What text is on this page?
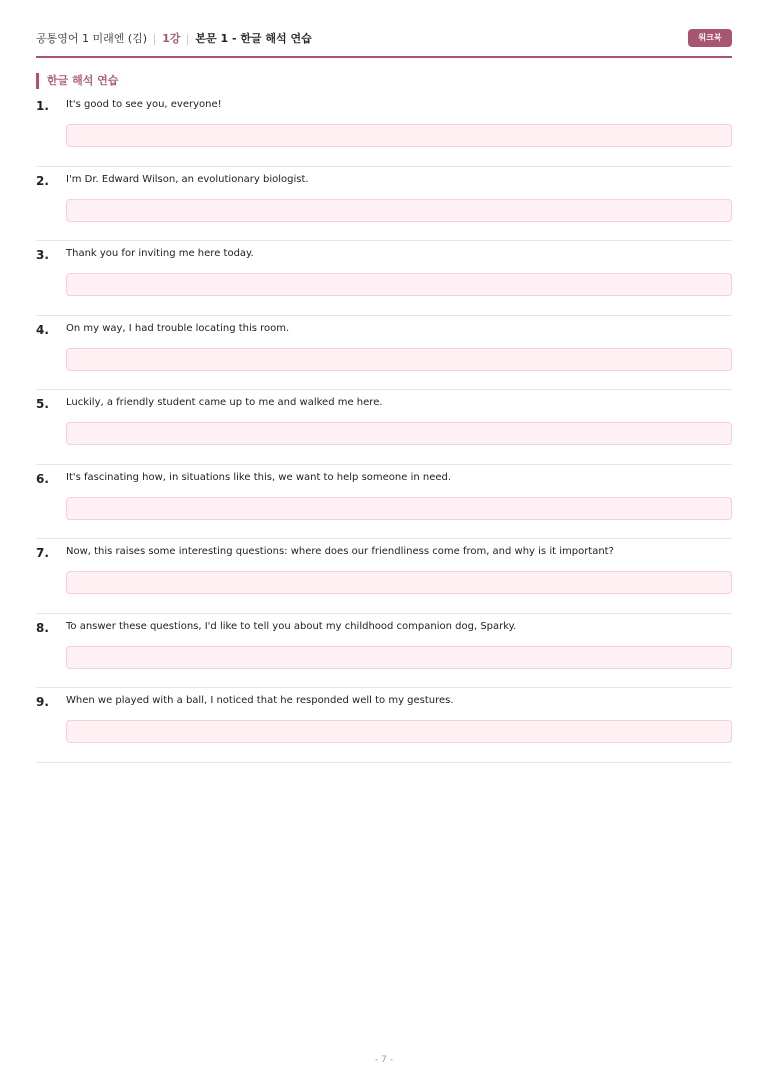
공통영어 1 미래엔 (김) 1강 본문 1 - 한글 해석 연습	워크북
한글 해석 연습
1. It's good to see you, everyone!
2. I'm Dr. Edward Wilson, an evolutionary biologist.
3. Thank you for inviting me here today.
4. On my way, I had trouble locating this room.
5. Luckily, a friendly student came up to me and walked me here.
6. It's fascinating how, in situations like this, we want to help someone in need.
7. Now, this raises some interesting questions: where does our friendliness come from, and why is it important?
8. To answer these questions, I'd like to tell you about my childhood companion dog, Sparky.
9. When we played with a ball, I noticed that he responded well to my gestures.
- 7 -
